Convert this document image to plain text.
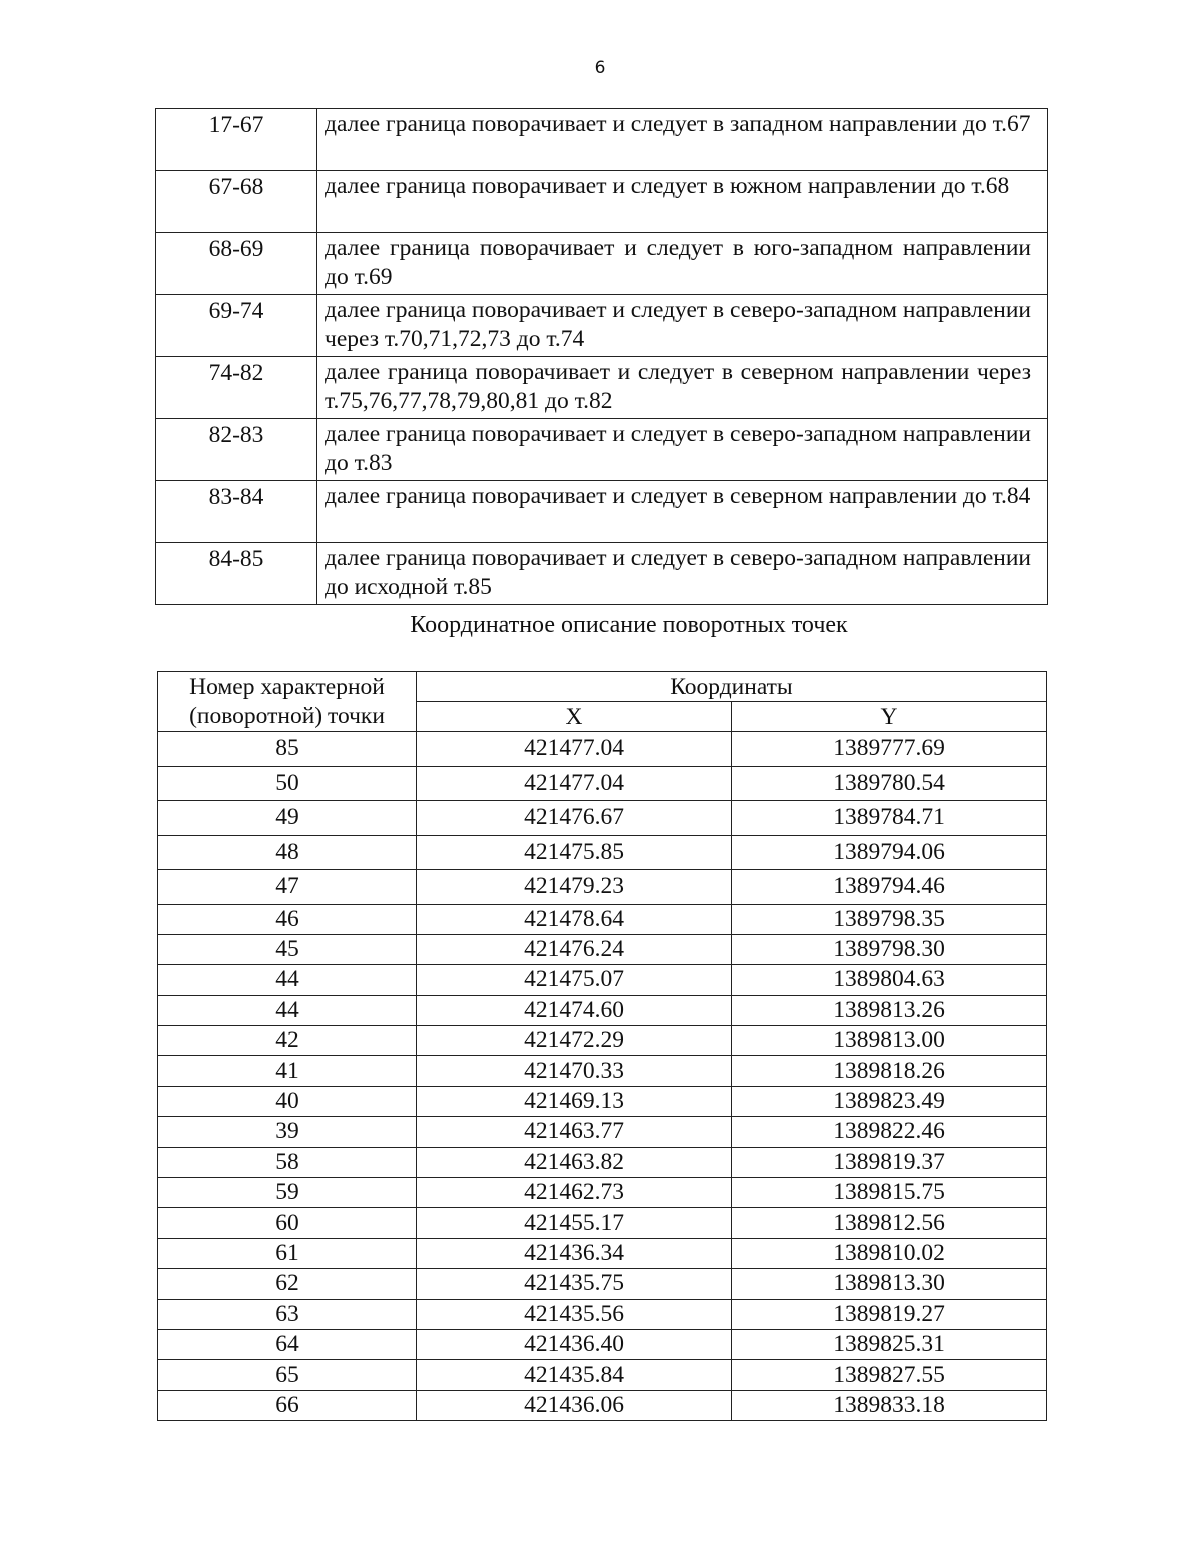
6
17-67	далее граница поворачивает и следует в западном направлении до т.67
67-68	далее граница поворачивает и следует в южном направлении до т.68
68-69	далее граница поворачивает и следует в юго-западном направлении до т.69
69-74	далее граница поворачивает и следует в северо-западном направлении через т.70,71,72,73 до т.74
74-82	далее граница поворачивает и следует в северном направлении через т.75,76,77,78,79,80,81 до т.82
82-83	далее граница поворачивает и следует в северо-западном направлении до т.83
83-84	далее граница поворачивает и следует в северном направлении до т.84
84-85	далее граница поворачивает и следует в северо-западном направлении до исходной т.85
Координатное описание поворотных точек
Номер характерной (поворотной) точки	Координаты	
	X	Y
85	421477.04	1389777.69
50	421477.04	1389780.54
49	421476.67	1389784.71
48	421475.85	1389794.06
47	421479.23	1389794.46
46	421478.64	1389798.35
45	421476.24	1389798.30
44	421475.07	1389804.63
44	421474.60	1389813.26
42	421472.29	1389813.00
41	421470.33	1389818.26
40	421469.13	1389823.49
39	421463.77	1389822.46
58	421463.82	1389819.37
59	421462.73	1389815.75
60	421455.17	1389812.56
61	421436.34	1389810.02
62	421435.75	1389813.30
63	421435.56	1389819.27
64	421436.40	1389825.31
65	421435.84	1389827.55
66	421436.06	1389833.18
